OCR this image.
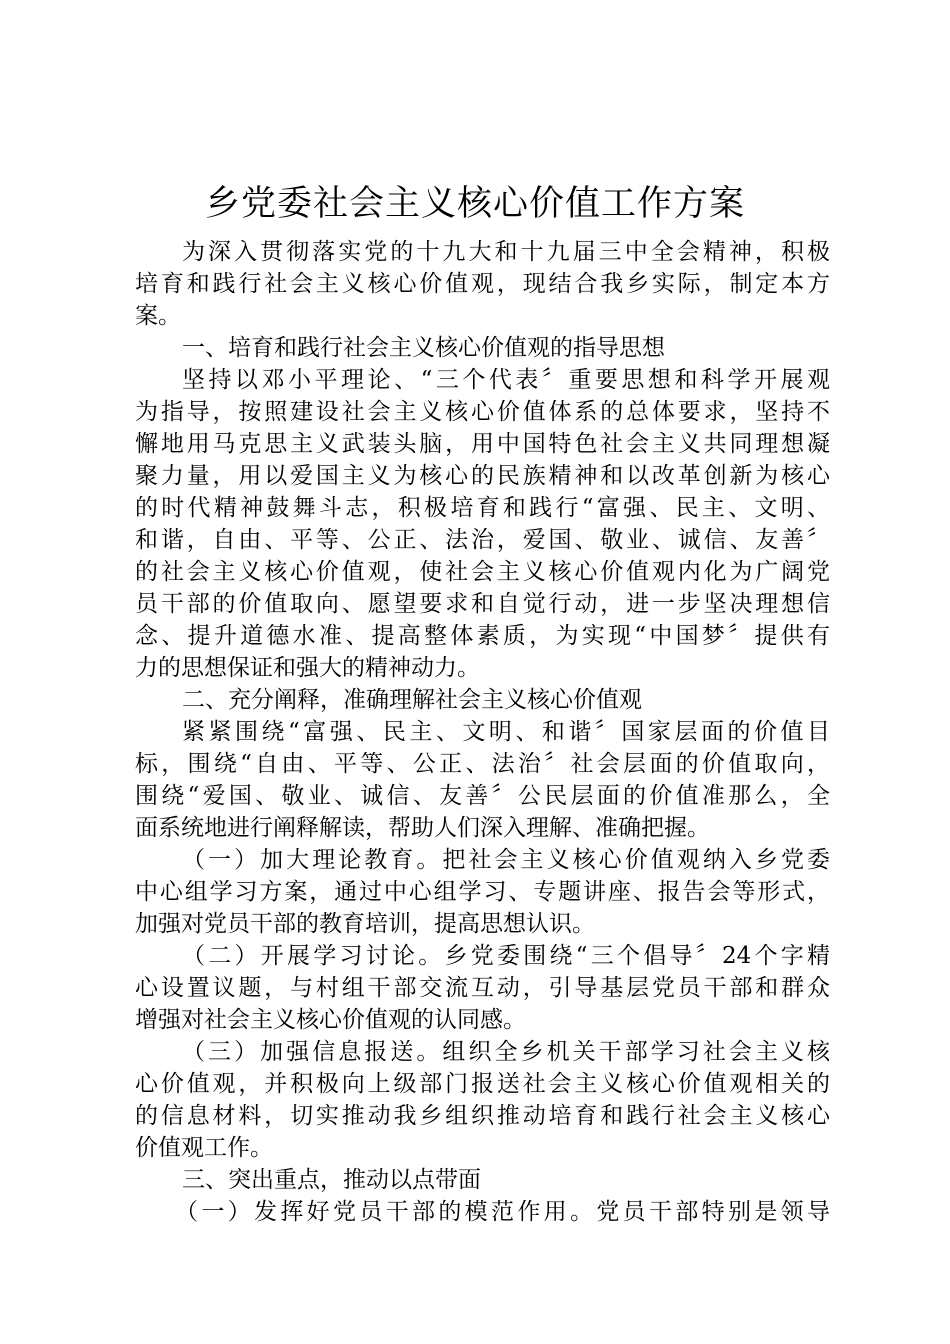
乡党委社会主义核心价值工作方案
为深入贯彻落实党的十九大和十九届三中全会精神，积极
培育和践行社会主义核心价值观，现结合我乡实际，制定本方
案。
一、培育和践行社会主义核心价值观的指导思想
坚持以邓小平理论、“三个代表〞重要思想和科学开展观
为指导，按照建设社会主义核心价值体系的总体要求，坚持不
懈地用马克思主义武装头脑，用中国特色社会主义共同理想凝
聚力量，用以爱国主义为核心的民族精神和以改革创新为核心
的时代精神鼓舞斗志，积极培育和践行“富强、民主、文明、
和谐，自由、平等、公正、法治，爱国、敬业、诚信、友善〞
的社会主义核心价值观，使社会主义核心价值观内化为广阔党
员干部的价值取向、愿望要求和自觉行动，进一步坚决理想信
念、提升道德水准、提高整体素质，为实现“中国梦〞提供有
力的思想保证和强大的精神动力。
二、充分阐释，准确理解社会主义核心价值观
紧紧围绕“富强、民主、文明、和谐〞国家层面的价值目
标，围绕“自由、平等、公正、法治〞社会层面的价值取向，
围绕“爱国、敬业、诚信、友善〞公民层面的价值准那么，全
面系统地进行阐释解读，帮助人们深入理解、准确把握。
（一）加大理论教育。把社会主义核心价值观纳入乡党委
中心组学习方案，通过中心组学习、专题讲座、报告会等形式，
加强对党员干部的教育培训，提高思想认识。
（二）开展学习讨论。乡党委围绕“三个倡导〞24个字精
心设置议题，与村组干部交流互动，引导基层党员干部和群众
增强对社会主义核心价值观的认同感。
（三）加强信息报送。组织全乡机关干部学习社会主义核
心价值观，并积极向上级部门报送社会主义核心价值观相关的
的信息材料，切实推动我乡组织推动培育和践行社会主义核心
价值观工作。
三、突出重点，推动以点带面
（一）发挥好党员干部的模范作用。党员干部特别是领导
